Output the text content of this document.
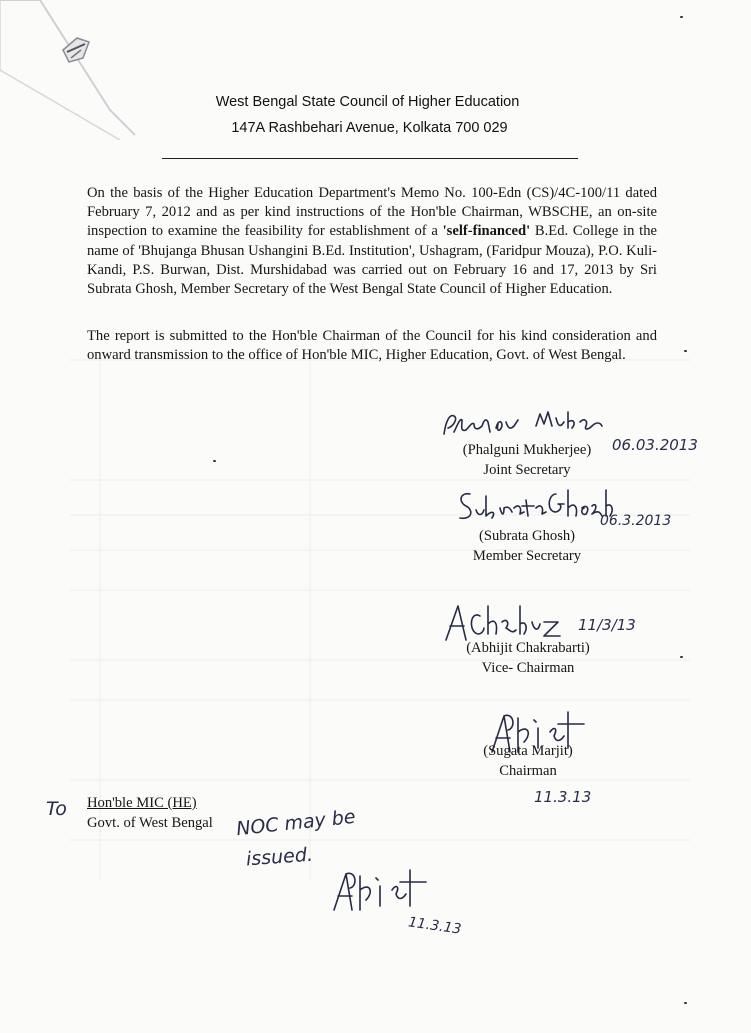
West Bengal State Council of Higher Education
147A Rashbehari Avenue, Kolkata 700 029
On the basis of the Higher Education Department's Memo No. 100-Edn (CS)/4C-100/11 dated February 7, 2012 and as per kind instructions of the Hon'ble Chairman, WBSCHE, an on-site inspection to examine the feasibility for establishment of a 'self-financed' B.Ed. College in the name of 'Bhujanga Bhusan Ushangini B.Ed. Institution', Ushagram, (Faridpur Mouza), P.O. Kuli-Kandi, P.S. Burwan, Dist. Murshidabad was carried out on February 16 and 17, 2013 by Sri Subrata Ghosh, Member Secretary of the West Bengal State Council of Higher Education.
The report is submitted to the Hon'ble Chairman of the Council for his kind consideration and onward transmission to the office of Hon'ble MIC, Higher Education, Govt. of West Bengal.
06.03.2013
(Phalguni Mukherjee)
Joint Secretary
06.3.2013
(Subrata Ghosh)
Member Secretary
11/3/13
(Abhijit Chakrabarti)
Vice- Chairman
(Sugata Marjit)
Chairman
11.3.13
To Hon'ble MIC (HE)
Govt. of West Bengal NOC may be
issued.
11.3.13
